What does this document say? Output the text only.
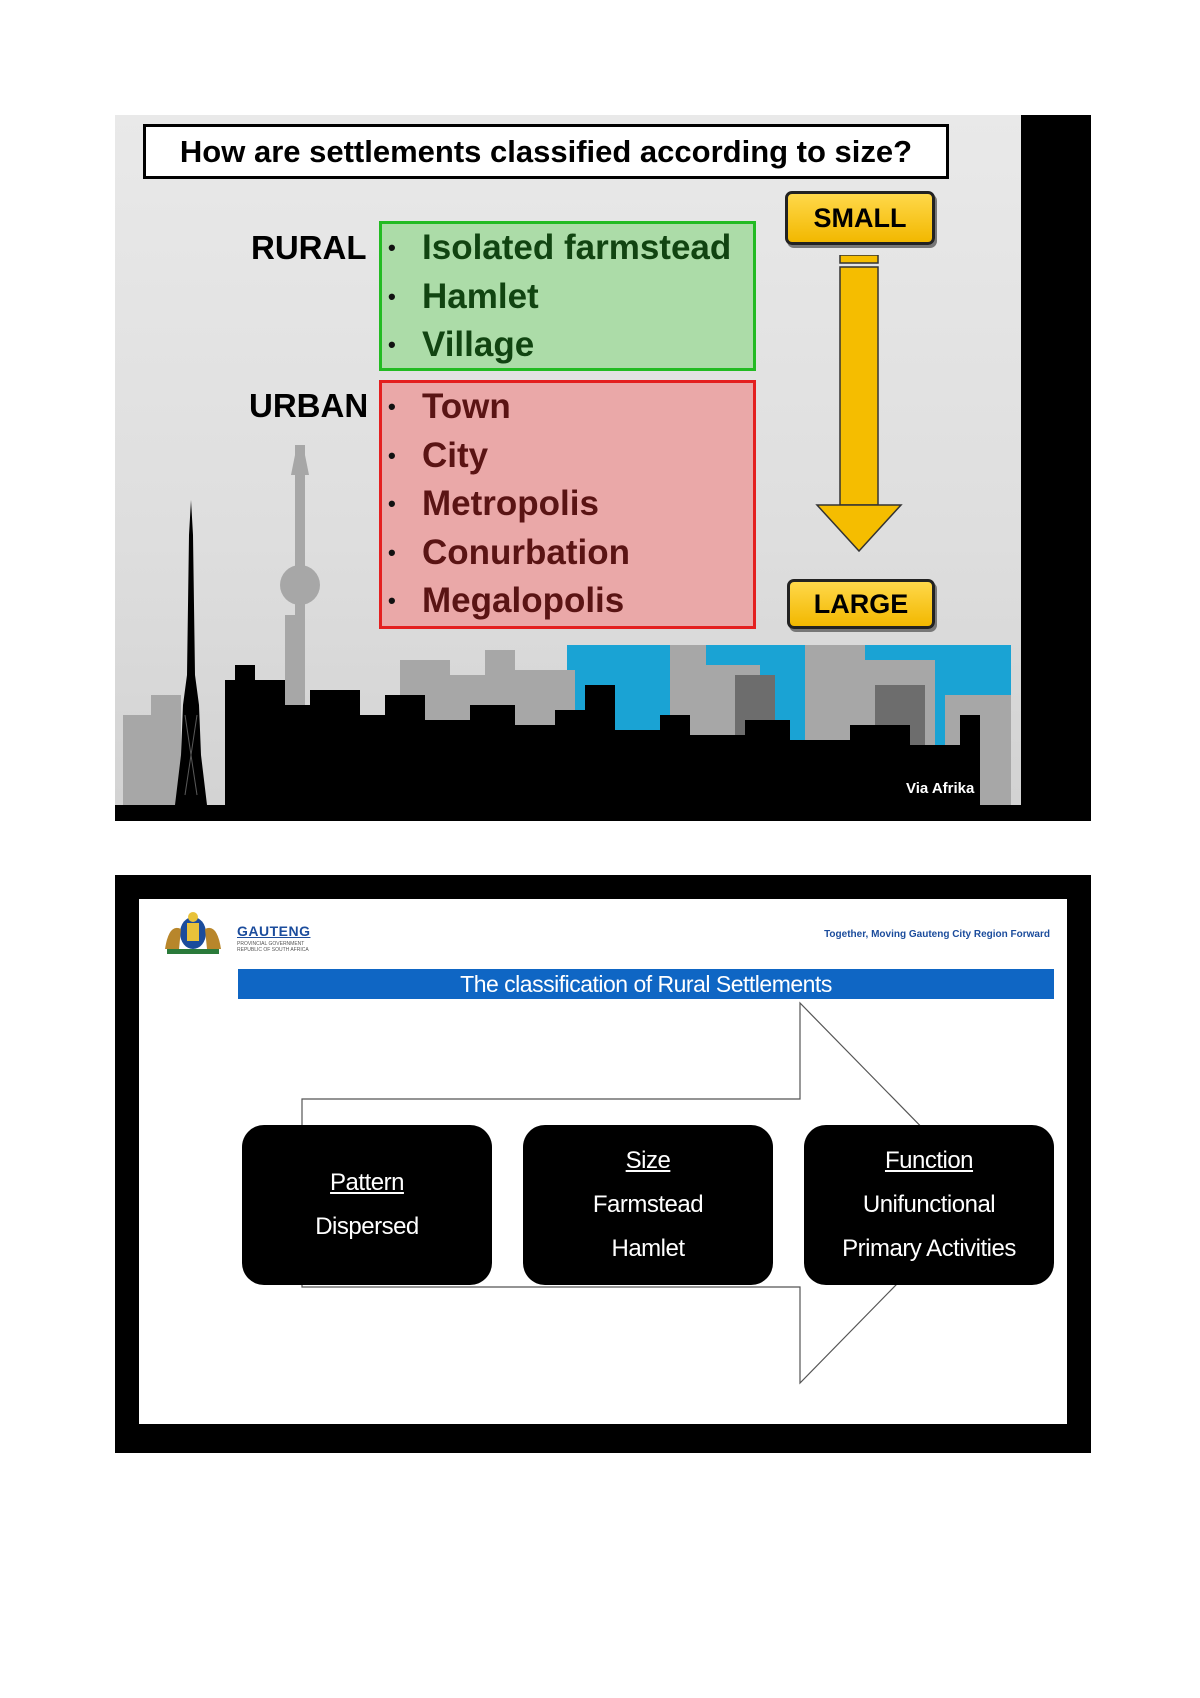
How are settlements classified according to size?
RURAL
URBAN
• Isolated farmstead
• Hamlet
• Village
• Town
• City
• Metropolis
• Conurbation
• Megalopolis
SMALL
LARGE
Via Afrika
GAUTENG
PROVINCIAL GOVERNMENT
REPUBLIC OF SOUTH AFRICA
Together, Moving Gauteng City Region Forward
The classification of Rural Settlements
Pattern
Dispersed
Size
Farmstead
Hamlet
Function
Unifunctional
Primary Activities
